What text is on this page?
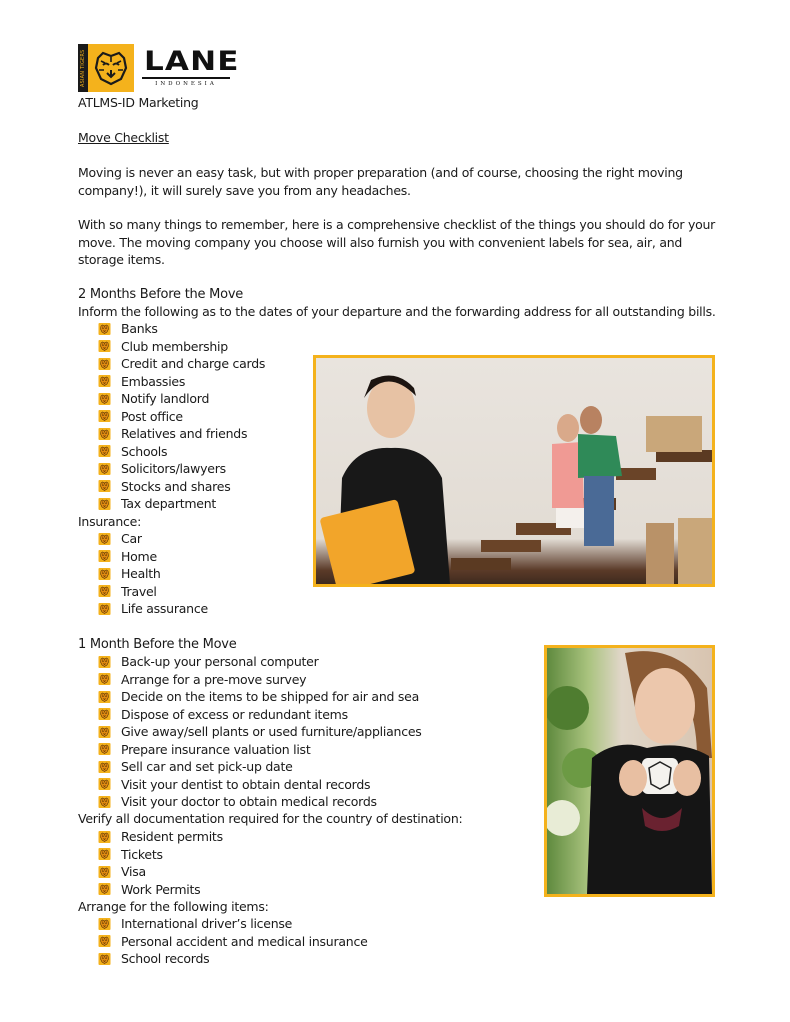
ASIAN TIGERS LANE
INDONESIA
ATLMS-ID Marketing
Move Checklist
Moving is never an easy task, but with proper preparation (and of course, choosing the right moving company!), it will surely save you from any headaches.
With so many things to remember, here is a comprehensive checklist of the things you should do for your move. The moving company you choose will also furnish you with convenient labels for sea, air, and storage items.
2 Months Before the Move
Inform the following as to the dates of your departure and the forwarding address for all outstanding bills.
Banks
Club membership
Credit and charge cards
Embassies
Notify landlord
Post office
Relatives and friends
Schools
Solicitors/lawyers
Stocks and shares
Tax department
Insurance:
Car
Home
Health
Travel
Life assurance
1 Month Before the Move
Back-up your personal computer
Arrange for a pre-move survey
Decide on the items to be shipped for air and sea
Dispose of excess or redundant items
Give away/sell plants or used furniture/appliances
Prepare insurance valuation list
Sell car and set pick-up date
Visit your dentist to obtain dental records
Visit your doctor to obtain medical records
Verify all documentation required for the country of destination:
Resident permits
Tickets
Visa
Work Permits
Arrange for the following items:
International driver’s license
Personal accident and medical insurance
School records
